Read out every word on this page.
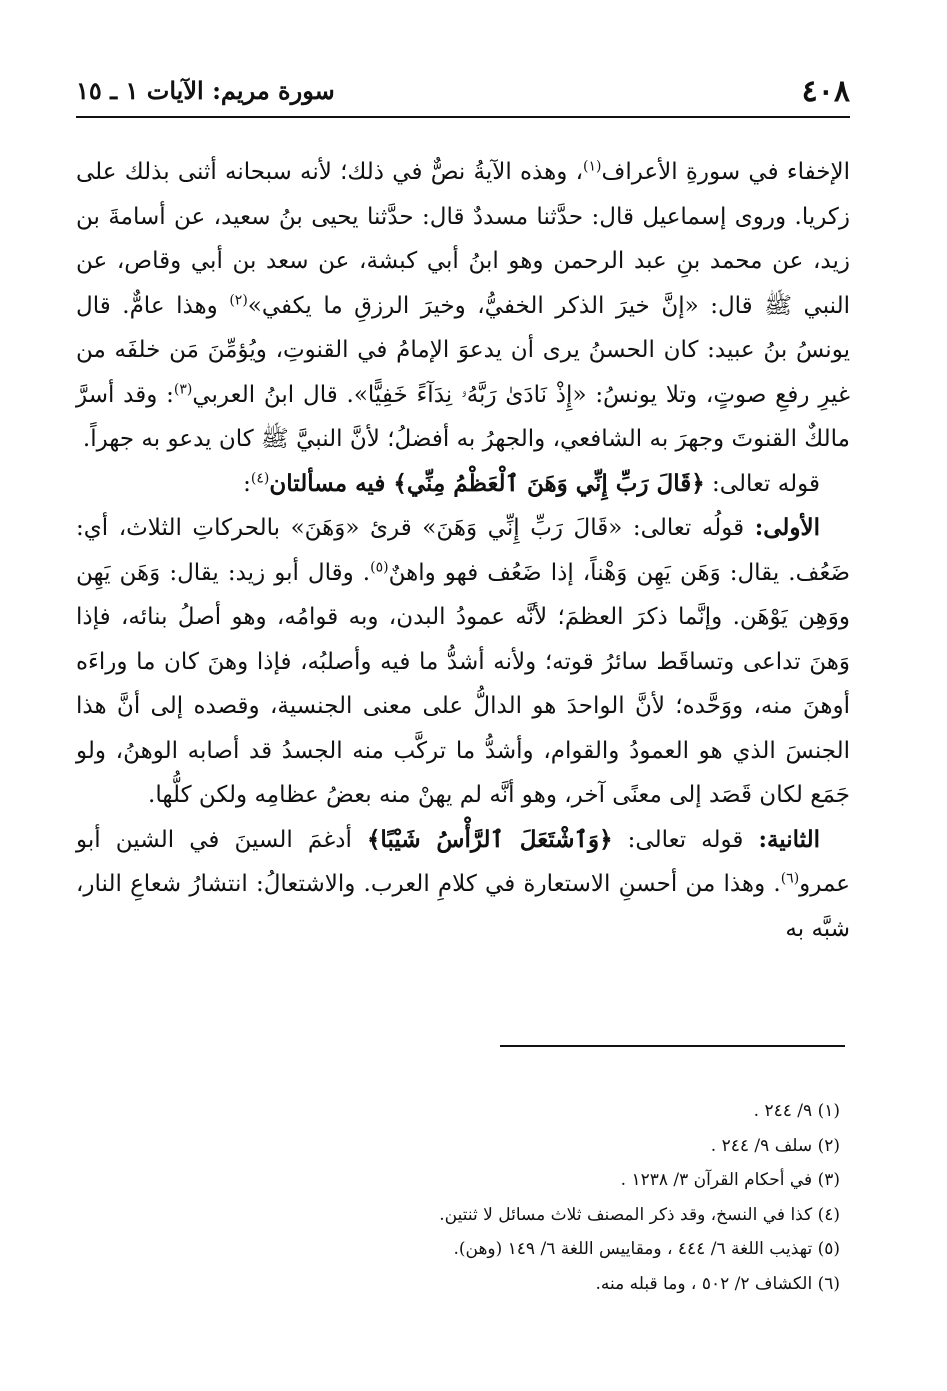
٤٠٨
سورة مريم: الآيات ١ ـ ١٥

الإخفاء في سورةِ الأعراف$^{(١)}$، وهذه الآيةُ نصٌّ في ذلك؛ لأنه سبحانه أثنى بذلك على زكريا. وروى إسماعيل قال: حدَّثنا مسددٌ قال: حدَّثنا يحيى بنُ سعيد، عن أسامةَ بن زيد، عن محمد بنِ عبد الرحمن وهو ابنُ أبي كبشة، عن سعد بن أبي وقاص، عن النبي ﷺ قال: «إنَّ خيرَ الذكر الخفيُّ، وخيرَ الرزقِ ما يكفي»$^{(٢)}$ وهذا عامٌّ. قال يونسُ بنُ عبيد: كان الحسنُ يرى أن يدعوَ الإمامُ في القنوتِ، ويُؤمِّنَ مَن خلفَه من غيرِ رفعِ صوتٍ، وتلا يونسُ: «إِذْ نَادَىٰ رَبَّهُۥ نِدَآءً خَفِيًّا». قال ابنُ العربي$^{(٣)}$: وقد أسرَّ مالكٌ القنوتَ وجهرَ به الشافعي، والجهرُ به أفضلُ؛ لأنَّ النبيَّ ﷺ كان يدعو به جهراً.

قوله تعالى: ﴿قَالَ رَبِّ إِنِّي وَهَنَ ٱلْعَظْمُ مِنِّي﴾ فيه مسألتان$^{(٤)}$:

الأولى: قولُه تعالى: «قَالَ رَبِّ إِنِّي وَهَنَ» قرئ «وَهَنَ» بالحركاتِ الثلاث، أي: ضَعُف. يقال: وَهَن يَهِن وَهْناً، إذا ضَعُف فهو واهنٌ$^{(٥)}$. وقال أبو زيد: يقال: وَهَن يَهِن ووَهِن يَوْهَن. وإنَّما ذكرَ العظمَ؛ لأنَّه عمودُ البدن، وبه قوامُه، وهو أصلُ بنائه، فإذا وَهنَ تداعى وتساقَط سائرُ قوته؛ ولأنه أشدُّ ما فيه وأصلبُه، فإذا وهنَ كان ما وراءَه أوهنَ منه، ووَحَّده؛ لأنَّ الواحدَ هو الدالُّ على معنى الجنسية، وقصده إلى أنَّ هذا الجنسَ الذي هو العمودُ والقوام، وأشدُّ ما تركَّب منه الجسدُ قد أصابه الوهنُ، ولو جَمَع لكان قَصَد إلى معنًى آخر، وهو أنَّه لم يهنْ منه بعضُ عظامِه ولكن كلُّها.

الثانية: قوله تعالى: ﴿وَٱشْتَعَلَ ٱلرَّأْسُ شَيْبًا﴾ أدغمَ السينَ في الشين أبو عمرو$^{(٦)}$. وهذا من أحسنِ الاستعارة في كلامِ العرب. والاشتعالُ: انتشارُ شعاعِ النار، شبَّه به

(١) ٩/ ٢٤٤ .
(٢) سلف ٩/ ٢٤٤ .
(٣) في أحكام القرآن ٣/ ١٢٣٨ .
(٤) كذا في النسخ، وقد ذكر المصنف ثلاث مسائل لا ثنتين.
(٥) تهذيب اللغة ٦/ ٤٤٤ ، ومقاييس اللغة ٦/ ١٤٩ (وهن).
(٦) الكشاف ٢/ ٥٠٢ ، وما قبله منه.
